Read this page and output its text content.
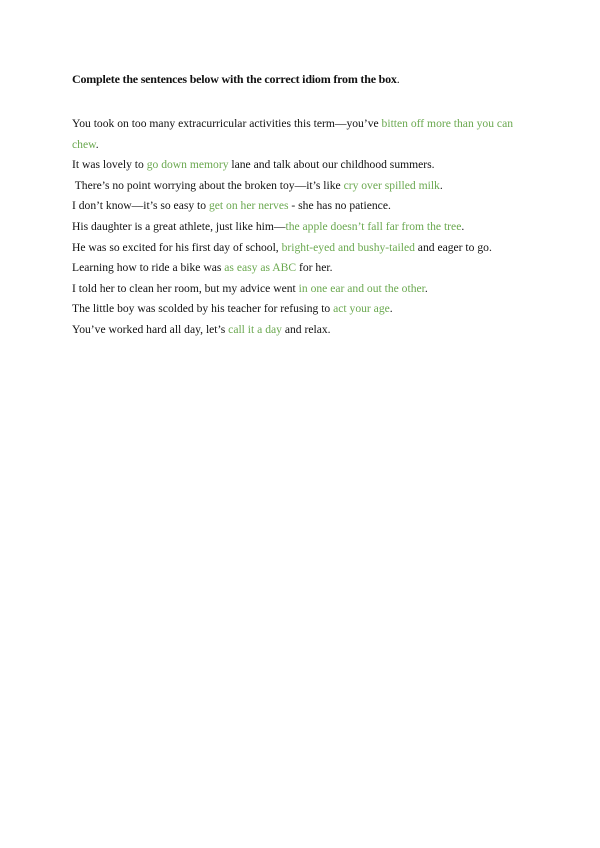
Complete the sentences below with the correct idiom from the box.

You took on too many extracurricular activities this term—you’ve bitten off more than you can chew.

It was lovely to go down memory lane and talk about our childhood summers.

There’s no point worrying about the broken toy—it’s like cry over spilled milk.

I don’t know—it’s so easy to get on her nerves - she has no patience.

His daughter is a great athlete, just like him—the apple doesn’t fall far from the tree.

He was so excited for his first day of school, bright-eyed and bushy-tailed and eager to go.

Learning how to ride a bike was as easy as ABC for her.

I told her to clean her room, but my advice went in one ear and out the other.

The little boy was scolded by his teacher for refusing to act your age.

You’ve worked hard all day, let’s call it a day and relax.
